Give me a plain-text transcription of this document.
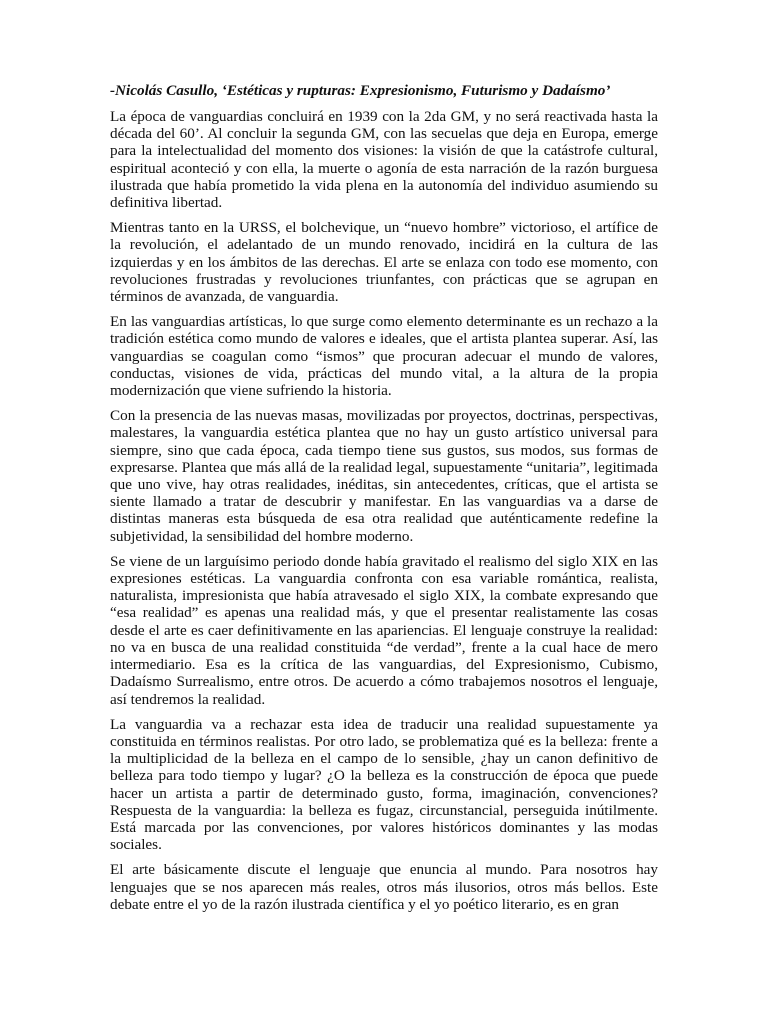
-Nicolás Casullo, ‘Estéticas y rupturas: Expresionismo, Futurismo y Dadaísmo’

La época de vanguardias concluirá en 1939 con la 2da GM, y no será reactivada hasta la década del 60’. Al concluir la segunda GM, con las secuelas que deja en Europa, emerge para la intelectualidad del momento dos visiones: la visión de que la catástrofe cultural, espiritual aconteció y con ella, la muerte o agonía de esta narración de la razón burguesa ilustrada que había prometido la vida plena en la autonomía del individuo asumiendo su definitiva libertad.

Mientras tanto en la URSS, el bolchevique, un “nuevo hombre” victorioso, el artífice de la revolución, el adelantado de un mundo renovado, incidirá en la cultura de las izquierdas y en los ámbitos de las derechas. El arte se enlaza con todo ese momento, con revoluciones frustradas y revoluciones triunfantes, con prácticas que se agrupan en términos de avanzada, de vanguardia.

En las vanguardias artísticas, lo que surge como elemento determinante es un rechazo a la tradición estética como mundo de valores e ideales, que el artista plantea superar. Así, las vanguardias se coagulan como “ismos” que procuran adecuar el mundo de valores, conductas, visiones de vida, prácticas del mundo vital, a la altura de la propia modernización que viene sufriendo la historia.

Con la presencia de las nuevas masas, movilizadas por proyectos, doctrinas, perspectivas, malestares, la vanguardia estética plantea que no hay un gusto artístico universal para siempre, sino que cada época, cada tiempo tiene sus gustos, sus modos, sus formas de expresarse. Plantea que más allá de la realidad legal, supuestamente “unitaria”, legitimada que uno vive, hay otras realidades, inéditas, sin antecedentes, críticas, que el artista se siente llamado a tratar de descubrir y manifestar. En las vanguardias va a darse de distintas maneras esta búsqueda de esa otra realidad que auténticamente redefine la subjetividad, la sensibilidad del hombre moderno.

Se viene de un larguísimo periodo donde había gravitado el realismo del siglo XIX en las expresiones estéticas. La vanguardia confronta con esa variable romántica, realista, naturalista, impresionista que había atravesado el siglo XIX, la combate expresando que “esa realidad” es apenas una realidad más, y que el presentar realistamente las cosas desde el arte es caer definitivamente en las apariencias. El lenguaje construye la realidad: no va en busca de una realidad constituida “de verdad”, frente a la cual hace de mero intermediario. Esa es la crítica de las vanguardias, del Expresionismo, Cubismo, Dadaísmo Surrealismo, entre otros. De acuerdo a cómo trabajemos nosotros el lenguaje, así tendremos la realidad.

La vanguardia va a rechazar esta idea de traducir una realidad supuestamente ya constituida en términos realistas. Por otro lado, se problematiza qué es la belleza: frente a la multiplicidad de la belleza en el campo de lo sensible, ¿hay un canon definitivo de belleza para todo tiempo y lugar? ¿O la belleza es la construcción de época que puede hacer un artista a partir de determinado gusto, forma, imaginación, convenciones? Respuesta de la vanguardia: la belleza es fugaz, circunstancial, perseguida inútilmente. Está marcada por las convenciones, por valores históricos dominantes y las modas sociales.

El arte básicamente discute el lenguaje que enuncia al mundo. Para nosotros hay lenguajes que se nos aparecen más reales, otros más ilusorios, otros más bellos. Este debate entre el yo de la razón ilustrada científica y el yo poético literario, es en gran
